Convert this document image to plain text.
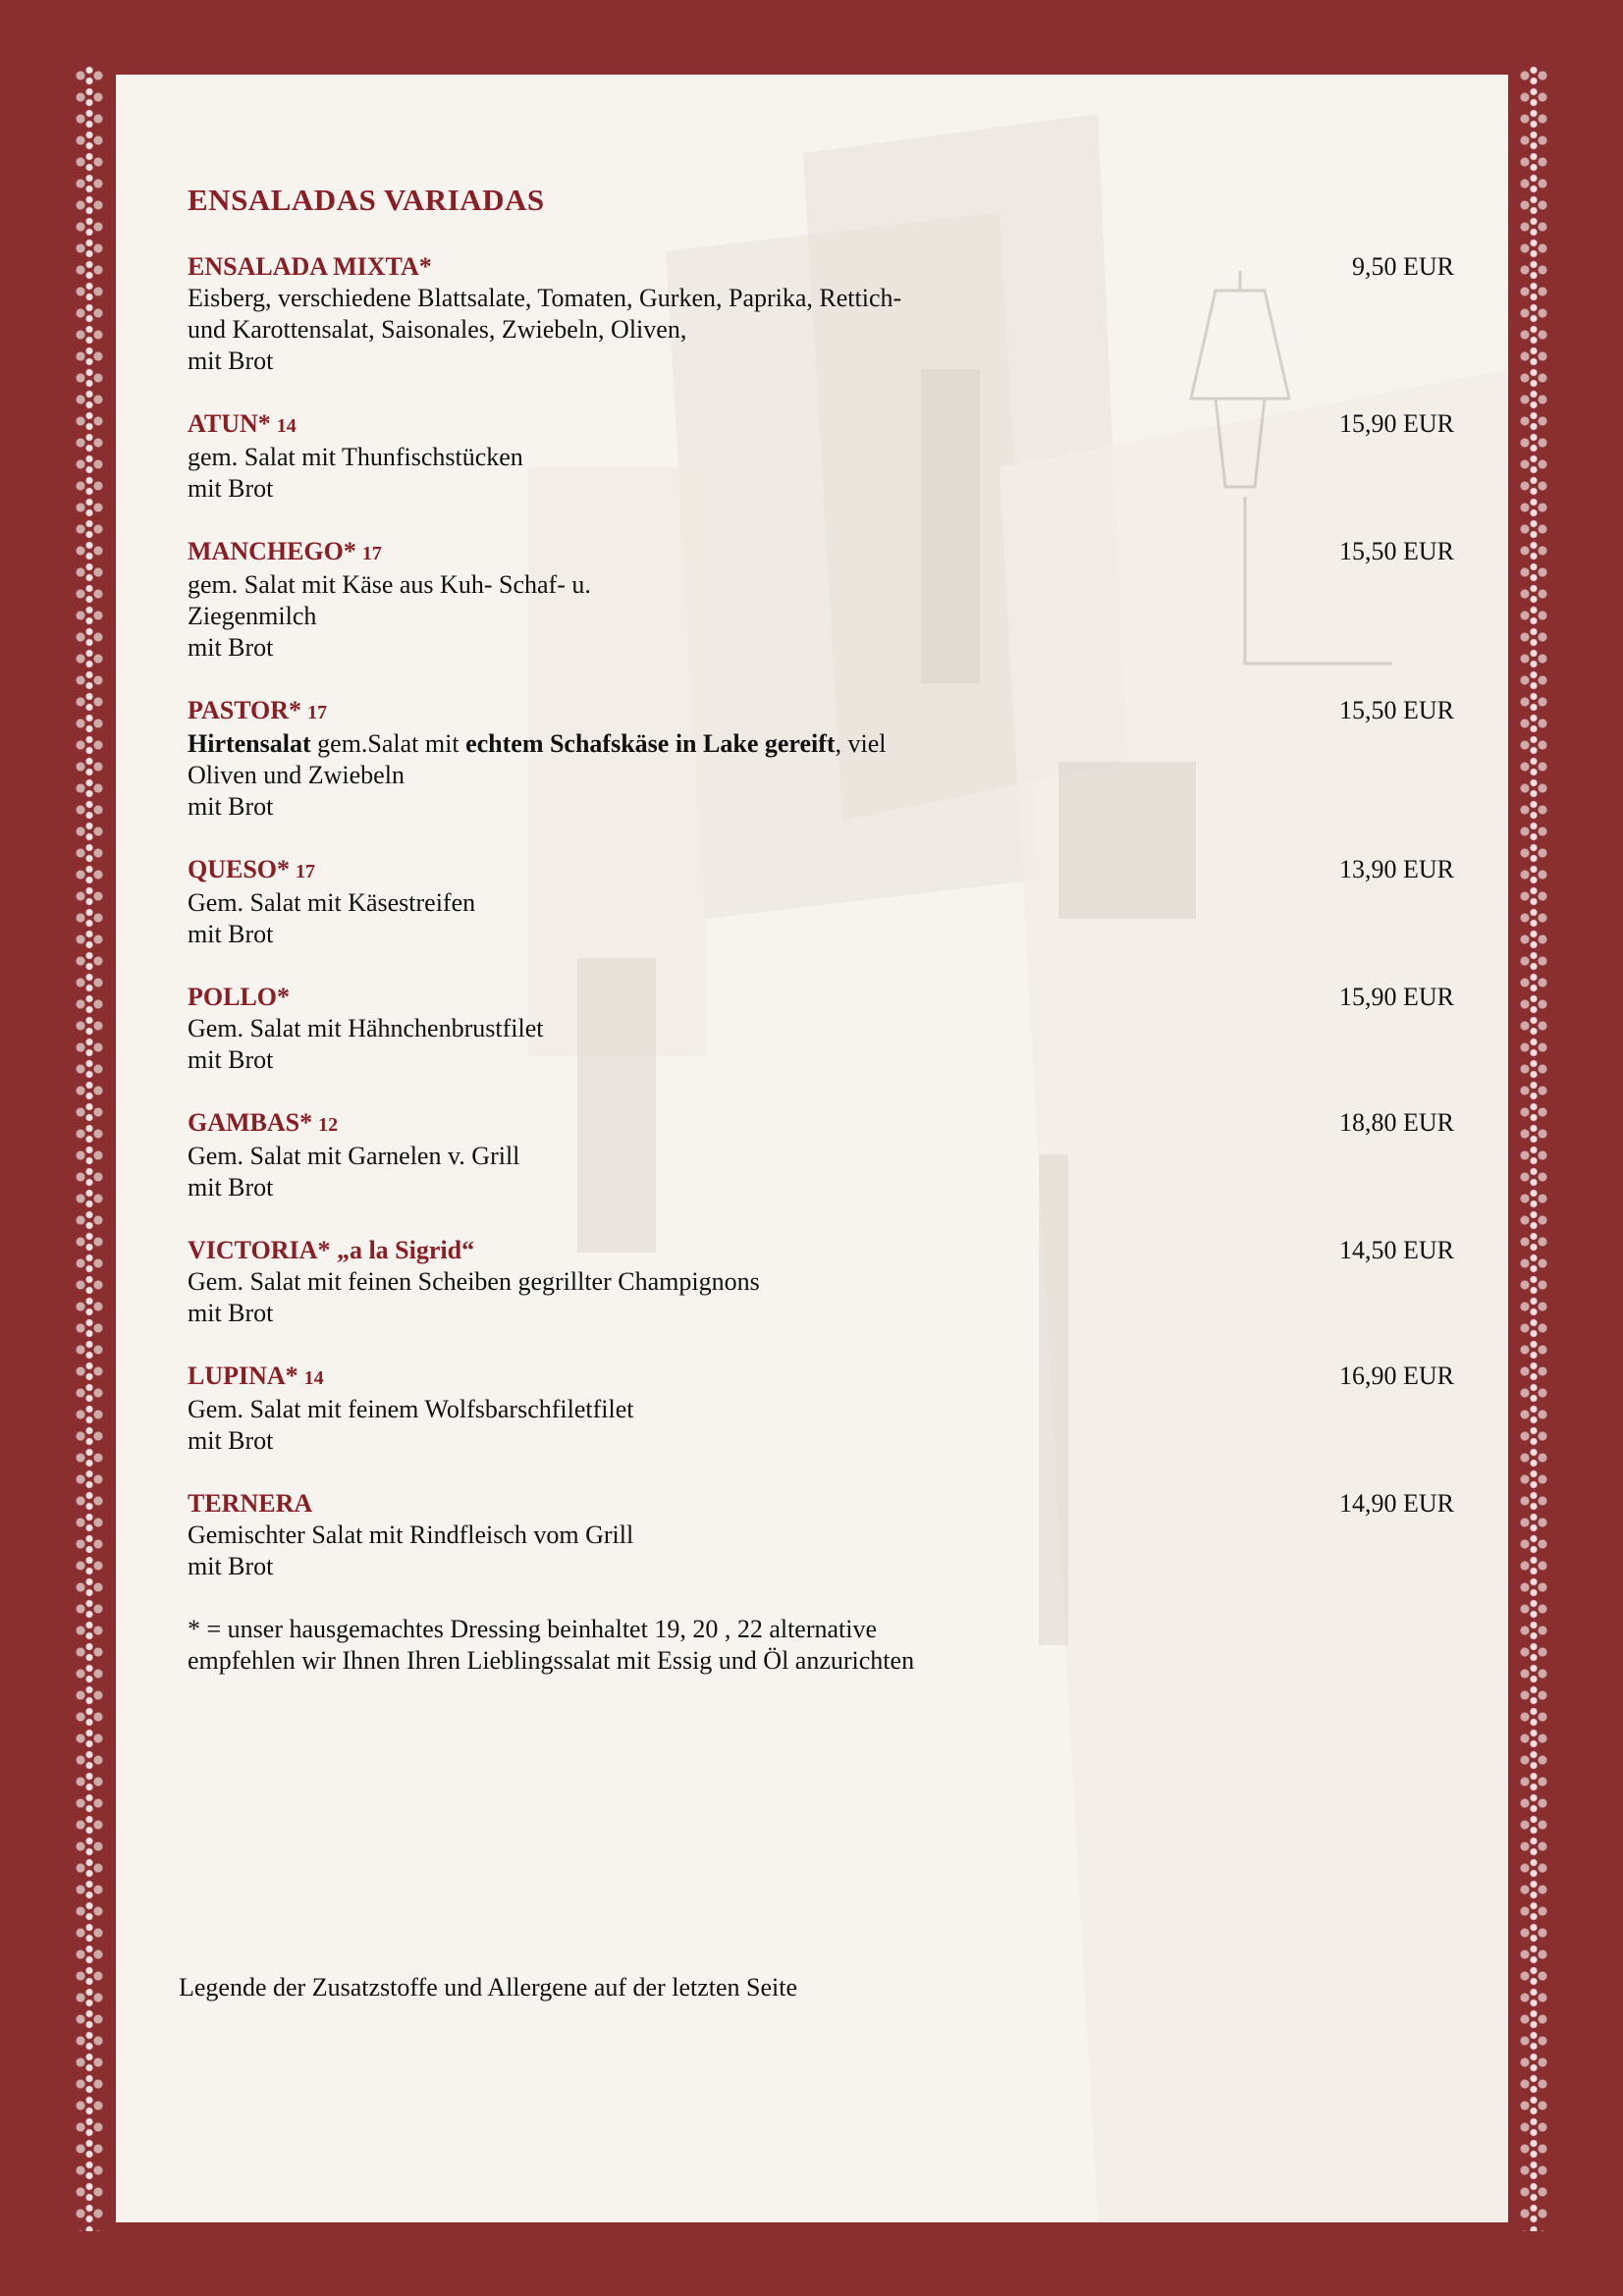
ENSALADAS VARIADAS
ENSALADA MIXTA*
Eisberg, verschiedene Blattsalate, Tomaten, Gurken, Paprika, Rettich- und Karottensalat, Saisonales, Zwiebeln, Oliven,
mit Brot
9,50 EUR
ATUN* 14
gem. Salat mit Thunfischstücken
mit Brot
15,90 EUR
MANCHEGO* 17
gem. Salat mit Käse aus Kuh- Schaf- u. Ziegenmilch
mit Brot
15,50 EUR
PASTOR* 17
Hirtensalat gem.Salat mit echtem Schafskäse in Lake gereift, viel Oliven und Zwiebeln
mit Brot
15,50 EUR
QUESO* 17
Gem. Salat mit Käsestreifen
mit Brot
13,90 EUR
POLLO*
Gem. Salat mit Hähnchenbrustfilet
mit Brot
15,90 EUR
GAMBAS* 12
Gem. Salat mit Garnelen v. Grill
mit Brot
18,80 EUR
VICTORIA* „a la Sigrid“
Gem. Salat mit feinen Scheiben gegrillter Champignons
mit Brot
14,50 EUR
LUPINA* 14
Gem. Salat mit feinem Wolfsbarschfiletfilet
mit Brot
16,90 EUR
TERNERA
Gemischter Salat mit Rindfleisch vom Grill
mit Brot
14,90 EUR
* = unser hausgemachtes Dressing beinhaltet 19, 20 , 22 alternative empfehlen wir Ihnen Ihren Lieblingssalat mit Essig und Öl anzurichten
Legende der Zusatzstoffe und Allergene auf der letzten Seite
